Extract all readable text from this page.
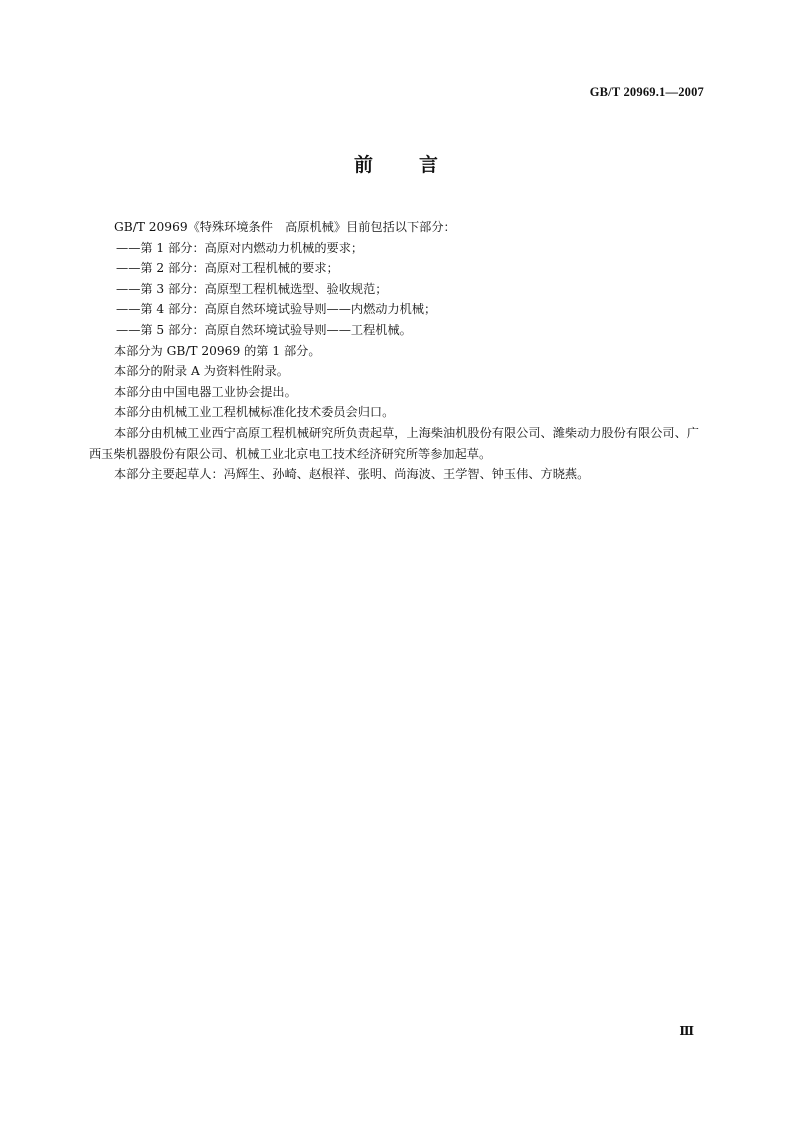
GB/T 20969.1—2007
前 言

GB/T 20969《特殊环境条件　高原机械》目前包括以下部分：

——第 1 部分：高原对内燃动力机械的要求；

——第 2 部分：高原对工程机械的要求；

——第 3 部分：高原型工程机械选型、验收规范；

——第 4 部分：高原自然环境试验导则——内燃动力机械；

——第 5 部分：高原自然环境试验导则——工程机械。

本部分为 GB/T 20969 的第 1 部分。

本部分的附录 A 为资料性附录。

本部分由中国电器工业协会提出。

本部分由机械工业工程机械标准化技术委员会归口。

本部分由机械工业西宁高原工程机械研究所负责起草，上海柴油机股份有限公司、潍柴动力股份有限公司、广西玉柴机器股份有限公司、机械工业北京电工技术经济研究所等参加起草。

本部分主要起草人：冯辉生、孙崎、赵根祥、张明、尚海波、王学智、钟玉伟、方晓燕。

Ⅲ
